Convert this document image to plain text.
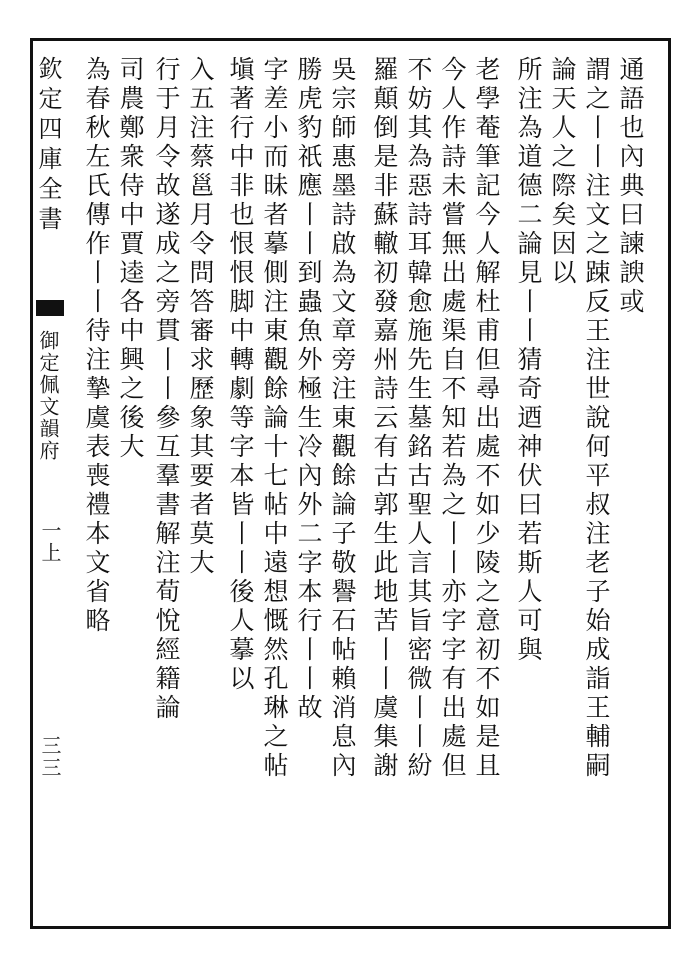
欽定四庫全書
御定佩文韻府
一上
三三
通語也內典曰諫諛或
謂之丨丨注文之踈反王注世說何平叔注老子始成詣王輔嗣
論天人之際矣因以
所注為道德二論見丨丨猜奇迺神伏曰若斯人可與
老學菴筆記今人解杜甫但尋出處不如少陵之意初不如是且
今人作詩未嘗無出處渠自不知若為之丨丨亦字字有出處但
不妨其為惡詩耳韓愈施先生墓銘古聖人言其旨密微丨丨紛
羅顛倒是非蘇轍初發嘉州詩云有古郭生此地苦丨丨虞集謝
吳宗師惠墨詩啟為文章旁注東觀餘論子敬譽石帖賴消息內
勝虎豹祇應丨丨到蟲魚外極生冷內外二字本行丨丨故
字差小而昧者摹側注東觀餘論十七帖中遠想慨然孔琳之帖
塡著行中非也恨恨脚中轉劇等字本皆丨丨後人摹以
入五注蔡邕月令問答審求歷象其要者莫大
行于月令故遂成之旁貫丨丨參互羣書解注荀悅經籍論
司農鄭衆侍中賈逵各中興之後大
為春秋左氏傳作丨丨待注摯虞表喪禮本文省略
